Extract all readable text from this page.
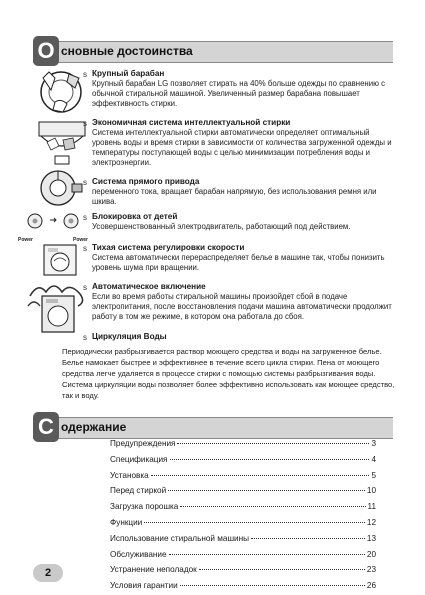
O сновные достоинства
Power	Power
s Крупный барабан
Крупный барабан LG позволяет стирать на 40% больше одежды по сравнению с обычной стиральной машиной. Увеличенный размер барабана повышает эффективность стирки.
s Экономичная система интеллектуальной стирки
Система интеллектуальной стирки автоматически определяет оптимальный уровень воды и время стирки в зависимости от количества загруженной одежды и температуры поступающей воды с целью минимизации потребления воды и электроэнергии.
s Система прямого привода
переменного тока, вращает барабан напрямую, без использования ремня или шкива.
s Блокировка от детей
Усовершенствованный электродвигатель, работающий под действием.
s Тихая система регулировки скорости
Система автоматически перераспределяет белье в машине так, чтобы понизить уровень шума при вращении.
s Автоматическое включение
Если во время работы стиральной машины произойдет сбой в подаче электропитания, после восстановления подачи машина автоматически продолжит работу в том же режиме, в котором она работала до сбоя.
s Циркуляция Воды
Периодически разбрызгивается раствор моющего средства и воды на загруженное белье. Белье намокает быстрее и эффективнее в течение всего цикла стирки. Пена от моющего средства легче удаляется в процессе стирки с помощью системы разбрызгивания воды. Система циркуляции воды позволяет более эффективно использовать как моющее средство, так и воду.
C одержание
Предупреждения	3
Спецификация	4
Установка	5
Перед стиркой	10
Загрузка порошка	11
Функции	12
Использование стиральной машины	13
Обслуживание	20
Устранение неполадок	23
Условия гарантии	26
2
